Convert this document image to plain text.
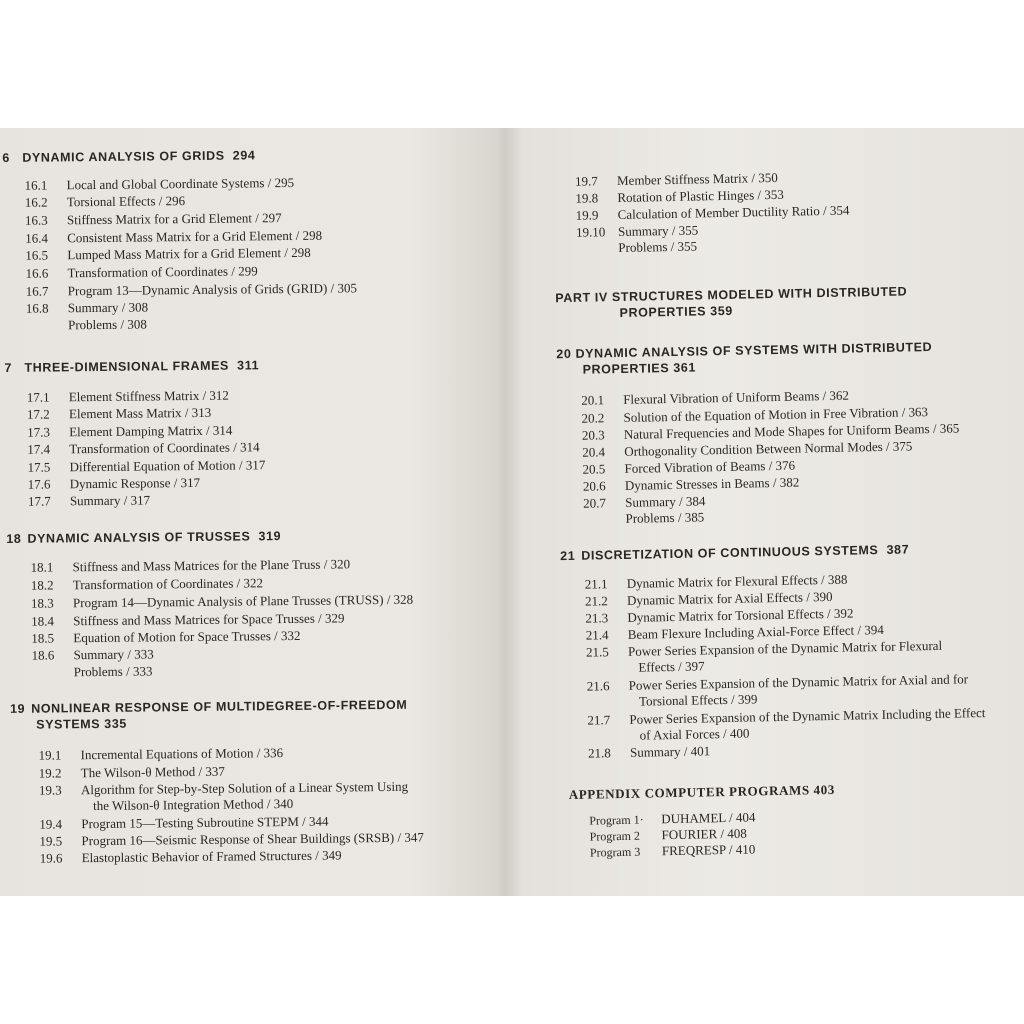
6 DYNAMIC ANALYSIS OF GRIDS 294
16.1 Local and Global Coordinate Systems / 295
16.2 Torsional Effects / 296
16.3 Stiffness Matrix for a Grid Element / 297
16.4 Consistent Mass Matrix for a Grid Element / 298
16.5 Lumped Mass Matrix for a Grid Element / 298
16.6 Transformation of Coordinates / 299
16.7 Program 13—Dynamic Analysis of Grids (GRID) / 305
16.8 Summary / 308
Problems / 308
7 THREE-DIMENSIONAL FRAMES 311
17.1 Element Stiffness Matrix / 312
17.2 Element Mass Matrix / 313
17.3 Element Damping Matrix / 314
17.4 Transformation of Coordinates / 314
17.5 Differential Equation of Motion / 317
17.6 Dynamic Response / 317
17.7 Summary / 317
18 DYNAMIC ANALYSIS OF TRUSSES 319
18.1 Stiffness and Mass Matrices for the Plane Truss / 320
18.2 Transformation of Coordinates / 322
18.3 Program 14—Dynamic Analysis of Plane Trusses (TRUSS) / 328
18.4 Stiffness and Mass Matrices for Space Trusses / 329
18.5 Equation of Motion for Space Trusses / 332
18.6 Summary / 333
Problems / 333
19 NONLINEAR RESPONSE OF MULTIDEGREE-OF-FREEDOM
SYSTEMS 335
19.1 Incremental Equations of Motion / 336
19.2 The Wilson-θ Method / 337
19.3 Algorithm for Step-by-Step Solution of a Linear System Using
the Wilson-θ Integration Method / 340
19.4 Program 15—Testing Subroutine STEPM / 344
19.5 Program 16—Seismic Response of Shear Buildings (SRSB) / 347
19.6 Elastoplastic Behavior of Framed Structures / 349
19.7 Member Stiffness Matrix / 350
19.8 Rotation of Plastic Hinges / 353
19.9 Calculation of Member Ductility Ratio / 354
19.10 Summary / 355
Problems / 355
PART IV STRUCTURES MODELED WITH DISTRIBUTED
PROPERTIES 359
20 DYNAMIC ANALYSIS OF SYSTEMS WITH DISTRIBUTED
PROPERTIES 361
20.1 Flexural Vibration of Uniform Beams / 362
20.2 Solution of the Equation of Motion in Free Vibration / 363
20.3 Natural Frequencies and Mode Shapes for Uniform Beams / 365
20.4 Orthogonality Condition Between Normal Modes / 375
20.5 Forced Vibration of Beams / 376
20.6 Dynamic Stresses in Beams / 382
20.7 Summary / 384
Problems / 385
21 DISCRETIZATION OF CONTINUOUS SYSTEMS 387
21.1 Dynamic Matrix for Flexural Effects / 388
21.2 Dynamic Matrix for Axial Effects / 390
21.3 Dynamic Matrix for Torsional Effects / 392
21.4 Beam Flexure Including Axial-Force Effect / 394
21.5 Power Series Expansion of the Dynamic Matrix for Flexural
Effects / 397
21.6 Power Series Expansion of the Dynamic Matrix for Axial and for
Torsional Effects / 399
21.7 Power Series Expansion of the Dynamic Matrix Including the Effect
of Axial Forces / 400
21.8 Summary / 401
APPENDIX COMPUTER PROGRAMS 403
Program 1· DUHAMEL / 404
Program 2 FOURIER / 408
Program 3 FREQRESP / 410
